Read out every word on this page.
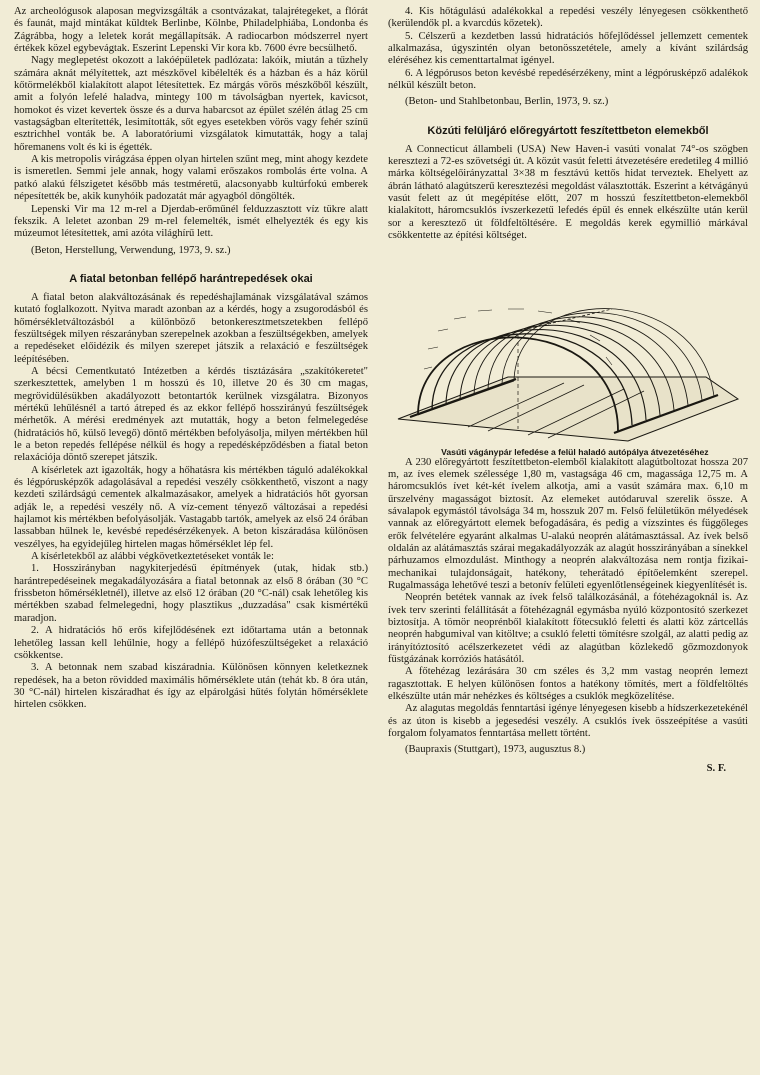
Az archeológusok alaposan megvizsgálták a csontvázakat, talajrétegeket, a flórát és faunát, majd mintákat küldtek Berlinbe, Kölnbe, Philadelphiába, Londonba és Zágrábba, hogy a leletek korát megállapítsák. A radiocarbon módszerrel nyert értékek közel egybevágtak. Eszerint Lepenski Vir kora kb. 7600 évre becsülhető.

Nagy meglepetést okozott a lakóépületek padlózata: lakóik, miután a tűzhely számára aknát mélyítettek, azt mészkővel kibélelték és a házban és a ház körül kőtörmelékből kialakított alapot létesítettek. Ez márgás vörös mészkőből készült, amit a folyón lefelé haladva, mintegy 100 m távolságban nyertek, kavicsot, homokot és vizet kevertek össze és a durva habarcsot az épület szélén átlag 25 cm vastagságban elterítették, lesimították, sőt egyes esetekben vörös vagy fehér színű esztrichhel vonták be. A laboratóriumi vizsgálatok kimutatták, hogy a talaj hőremanens volt és ki is égették.

A kis metropolis virágzása éppen olyan hirtelen szűnt meg, mint ahogy kezdete is ismeretlen. Semmi jele annak, hogy valami erőszakos rombolás érte volna. A patkó alakú félszigetet később más testméretű, alacsonyabb kultúrfokú emberek népesítették be, akik kunyhóik padozatát már agyagból döngölték.

Lepenski Vir ma 12 m-rel a Djerdab-erőműnél felduzzasztott víz tükre alatt fekszik. A leletet azonban 29 m-rel felemelték, ismét elhelyezték és egy kis múzeumot létesítettek, ami azóta világhírű lett.

(Beton, Herstellung, Verwendung, 1973, 9. sz.)

A fiatal betonban fellépő harántrepedések okai

A fiatal beton alakváltozásának és repedéshajlamának vizsgálatával számos kutató foglalkozott. Nyitva maradt azonban az a kérdés, hogy a zsugorodásból és hőmérsékletváltozásból a különböző betonkeresztmetszetekben fellépő feszültségek milyen részarányban szerepelnek azokban a feszültségekben, amelyek a repedéseket előidézik és milyen szerepet játszik a relaxáció e feszültségek leépítésében.

A bécsi Cementkutató Intézetben a kérdés tisztázására „szakítókeretet" szerkesztettek, amelyben 1 m hosszú és 10, illetve 20 és 30 cm magas, megrövidülésükben akadályozott betontartók kerülnek vizsgálatra. Bizonyos mértékű lehűlésnél a tartó átreped és az ekkor fellépő hosszirányú feszültségek mérhetők. A mérési eredmények azt mutatták, hogy a beton felmelegedése (hidratációs hő, külső levegő) döntő mértékben befolyásolja, milyen mértékben hűl le a beton repedés fellépése nélkül és hogy a repedésképződésben a fiatal beton relaxációja döntő szerepet játszik.

A kísérletek azt igazolták, hogy a hőhatásra kis mértékben táguló adalékokkal és légpórusképzők adagolásával a repedési veszély csökkenthető, viszont a nagy kezdeti szilárdságú cementek alkalmazásakor, amelyek a hidratációs hőt gyorsan adják le, a repedési veszély nő. A víz-cement tényező változásai a repedési hajlamot kis mértékben befolyásolják. Vastagabb tartók, amelyek az első 24 órában lassabban hűlnek le, kevésbé repedésérzékenyek. A beton kiszáradása különösen veszélyes, ha egyidejűleg hirtelen magas hőmérséklet lép fel.

A kísérletekből az alábbi végkövetkeztetéseket vonták le:

1. Hosszirányban nagykiterjedésű építmények (utak, hidak stb.) harántrepedéseinek megakadályozására a fiatal betonnak az első 8 órában (30 °C frissbeton hőmérsékletnél), illetve az első 12 órában (20 °C-nál) csak lehetőleg kis mértékben szabad felmelegedni, hogy plasztikus „duzzadása" csak kismértékű maradjon.
2. A hidratációs hő erős kifejlődésének ezt időtartama után a betonnak lehetőleg lassan kell lehűlnie, hogy a fellépő húzófeszültségeket a relaxáció csökkentse.
3. A betonnak nem szabad kiszáradnia. Különösen könnyen keletkeznek repedések, ha a beton rövidded maximális hőmérséklete után (tehát kb. 8 óra után, 30 °C-nál) hirtelen kiszáradhat és így az elpárolgási hűtés folytán hőmérséklete hirtelen csökken.
4. Kis hőtágulású adalékokkal a repedési veszély lényegesen csökkenthető (kerülendők pl. a kvarcdús kőzetek).
5. Célszerű a kezdetben lassú hidratációs hőfejlődéssel jellemzett cementek alkalmazása, úgyszintén olyan betonösszetétele, amely a kívánt szilárdság eléréséhez kis cementtartalmat igényel.
6. A légpórusos beton kevésbé repedésérzékeny, mint a légpórusképző adalékok nélkül készült beton.

(Beton- und Stahlbetonbau, Berlin, 1973, 9. sz.)

Közúti felüljáró előregyártott feszítettbeton elemekből

A Connecticut állambeli (USA) New Haven-i vasúti vonalat 74°-os szögben keresztezi a 72-es szövetségi út. A közút vasút feletti átvezetésére eredetileg 4 millió márka költségelőirányzattal 3×38 m fesztávú kettős hidat terveztek. Ehelyett az ábrán látható alagútszerű keresztezési megoldást választották. Eszerint a kétvágányú vasút felett az út megépítése előtt, 207 m hosszú feszítettbeton-elemekből kialakított, háromcsuklós ívszerkezetű lefedés épül és ennek elkészülte után kerül sor a keresztező út földfeltöltésére. E megoldás kerek egymillió márkával csökkentette az építési költséget.

Vasúti vágánypár lefedése a felül haladó autópálya átvezetéséhez

A 230 előregyártott feszítettbeton-elemből kialakított alagútboltozat hossza 207 m, az íves elemek szélessége 1,80 m, vastagsága 46 cm, magassága 12,75 m. A háromcsuklós ívet két-két ívelem alkotja, ami a vasút számára max. 6,10 m űrszelvény magasságot biztosít. Az elemeket autódaruval szerelik össze. A sávalapok egymástól távolsága 34 m, hosszuk 207 m. Felső felületükön mélyedések vannak az előregyártott elemek befogadására, és pedig a vízszintes és függőleges erők felvételére egyaránt alkalmas U-alakú neoprén alátámasztással. Az ívek belső oldalán az alátámasztás szárai megakadályozzák az alagút hosszirányában a sínekkel párhuzamos elmozdulást. Minthogy a neoprén alakváltozása nem rontja fizikai-mechanikai tulajdonságait, hatékony, teherátadó építőelemként szerepel. Rugalmassága lehetővé teszi a betonív felületi egyenlőtlenségeinek kiegyenlítését is.

Neoprén betétek vannak az ívek felső találkozásánál, a fótehézagoknál is. Az ívek terv szerinti felállítását a fötehézagnál egymásba nyúló központosító szerkezet biztosítja. A tömör neoprénből kialakított főtecsukló feletti és alatti köz zártcellás neoprén habgumival van kitöltve; a csukló feletti tömítésre szolgál, az alatti pedig az irányítóztosító acélszerkezetet védi az alagútban közlekedő gőzmozdonyok füstgázának korróziós hatásától.

A főtehézag lezárására 30 cm széles és 3,2 mm vastag neoprén lemezt ragasztottak. E helyen különösen fontos a hatékony tömítés, mert a földfeltöltés elkészülte után már nehézkes és költséges a csuklók megközelítése.

Az alagutas megoldás fenntartási igénye lényegesen kisebb a hídszerkezetekénél és az úton is kisebb a jegesedési veszély. A csuklós ívek összeépítése a vasúti forgalom folyamatos fenntartása mellett történt.

(Baupraxis (Stuttgart), 1973, augusztus 8.)

S. F.
